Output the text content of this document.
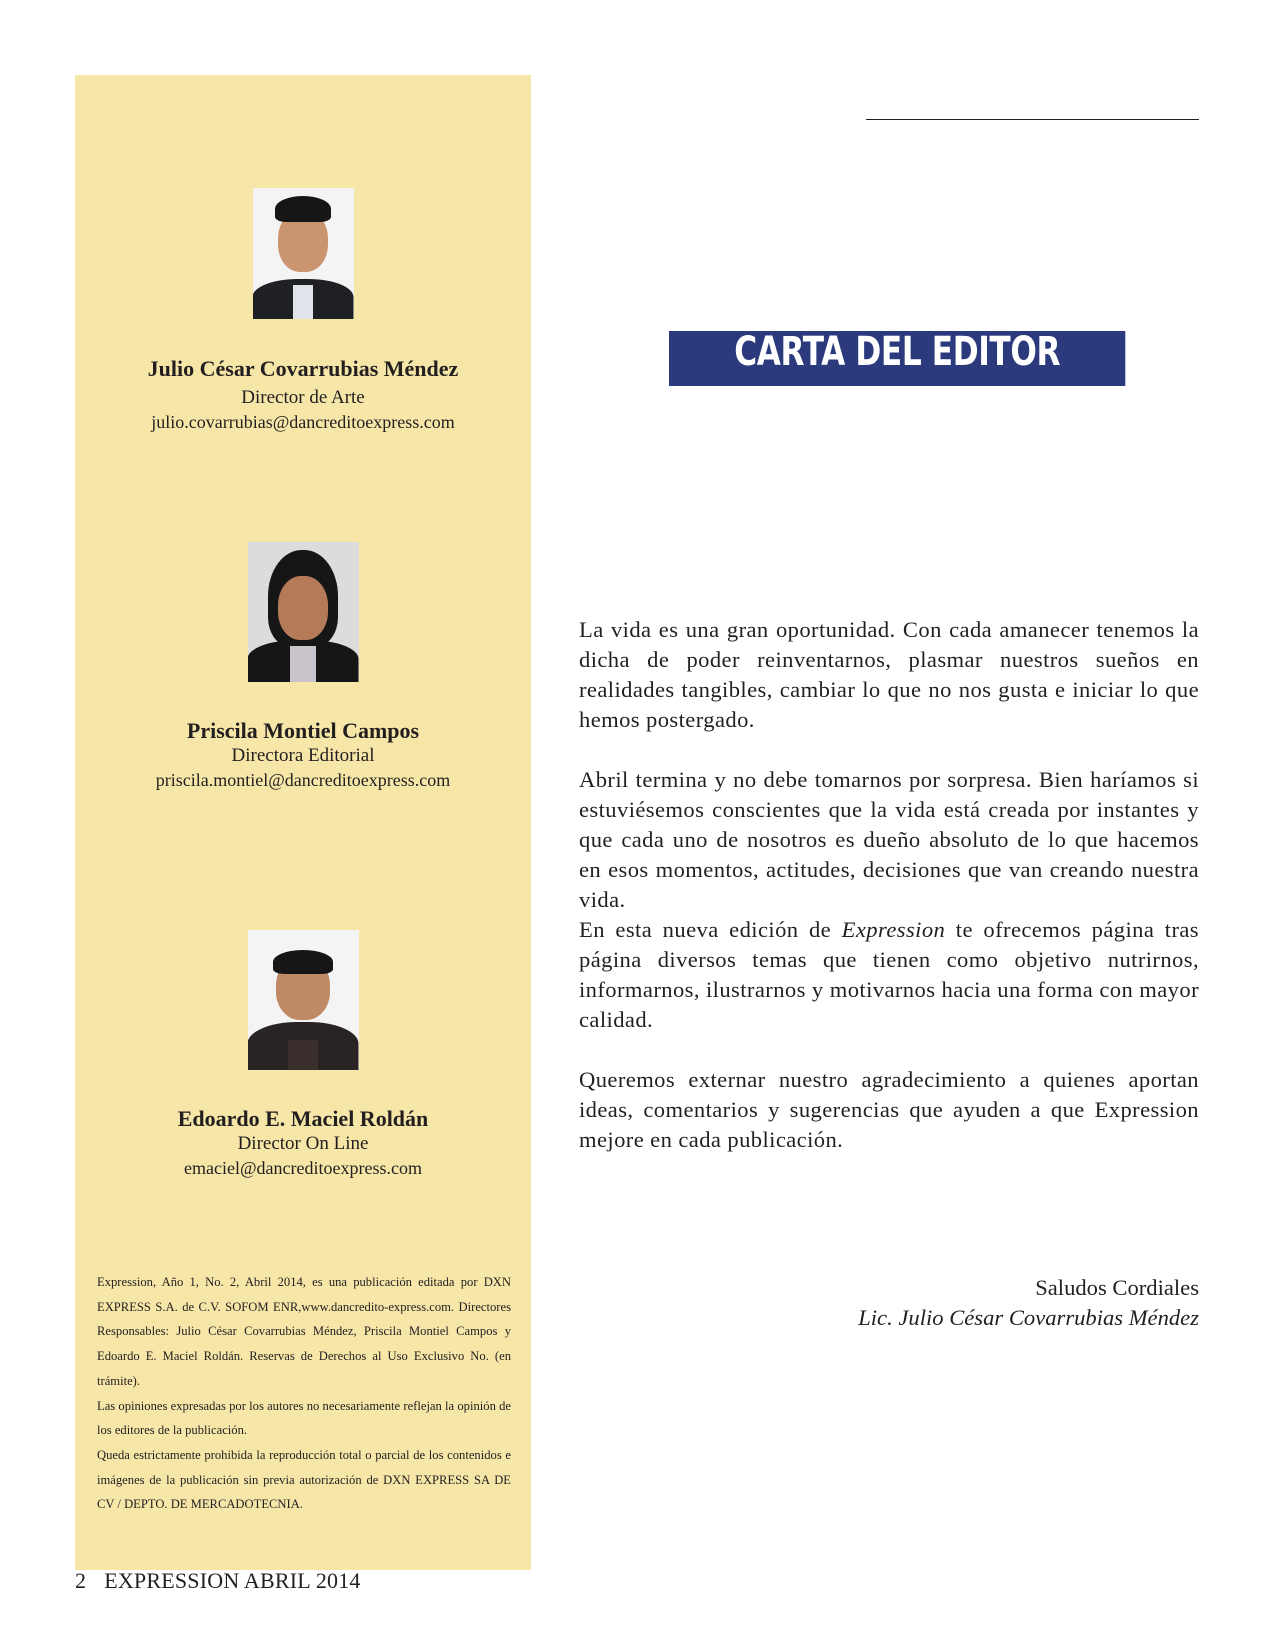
Julio César Covarrubias Méndez
Director de Arte
julio.covarrubias@dancreditoexpress.com
Priscila Montiel Campos
Directora Editorial
priscila.montiel@dancreditoexpress.com
Edoardo E. Maciel Roldán
Director On Line
emaciel@dancreditoexpress.com

Expression, Año 1, No. 2, Abril 2014, es una publicación editada por DXN EXPRESS S.A. de C.V. SOFOM ENR,www.dancredito-express.com. Directores Responsables: Julio César Covarrubias Méndez, Priscila Montiel Campos y Edoardo E. Maciel Roldán. Reservas de Derechos al Uso Exclusivo No. (en trámite).

Las opiniones expresadas por los autores no necesariamente reflejan la opinión de los editores de la publicación.

Queda estrictamente prohibida la reproducción total o parcial de los contenidos e imágenes de la publicación sin previa autorización de DXN EXPRESS SA DE CV / DEPTO. DE MERCADOTECNIA.

CARTA DEL EDITOR

La vida es una gran oportunidad. Con cada amanecer tenemos la dicha de poder reinventarnos, plasmar nuestros sueños en realidades tangibles, cambiar lo que no nos gusta e iniciar lo que hemos postergado.

Abril termina y no debe tomarnos por sorpresa. Bien haríamos si estuviésemos conscientes que la vida está creada por instantes y que cada uno de nosotros es dueño absoluto de lo que hacemos en esos momentos, actitudes, decisiones que van creando nuestra vida.

En esta nueva edición de Expression te ofrecemos página tras página diversos temas que tienen como objetivo nutrirnos, informarnos, ilustrarnos y motivarnos hacia una forma con mayor calidad.

Queremos externar nuestro agradecimiento a quienes aportan ideas, comentarios y sugerencias que ayuden a que Expression mejore en cada publicación.

Saludos Cordiales
Lic. Julio César Covarrubias Méndez
2 EXPRESSION ABRIL 2014
